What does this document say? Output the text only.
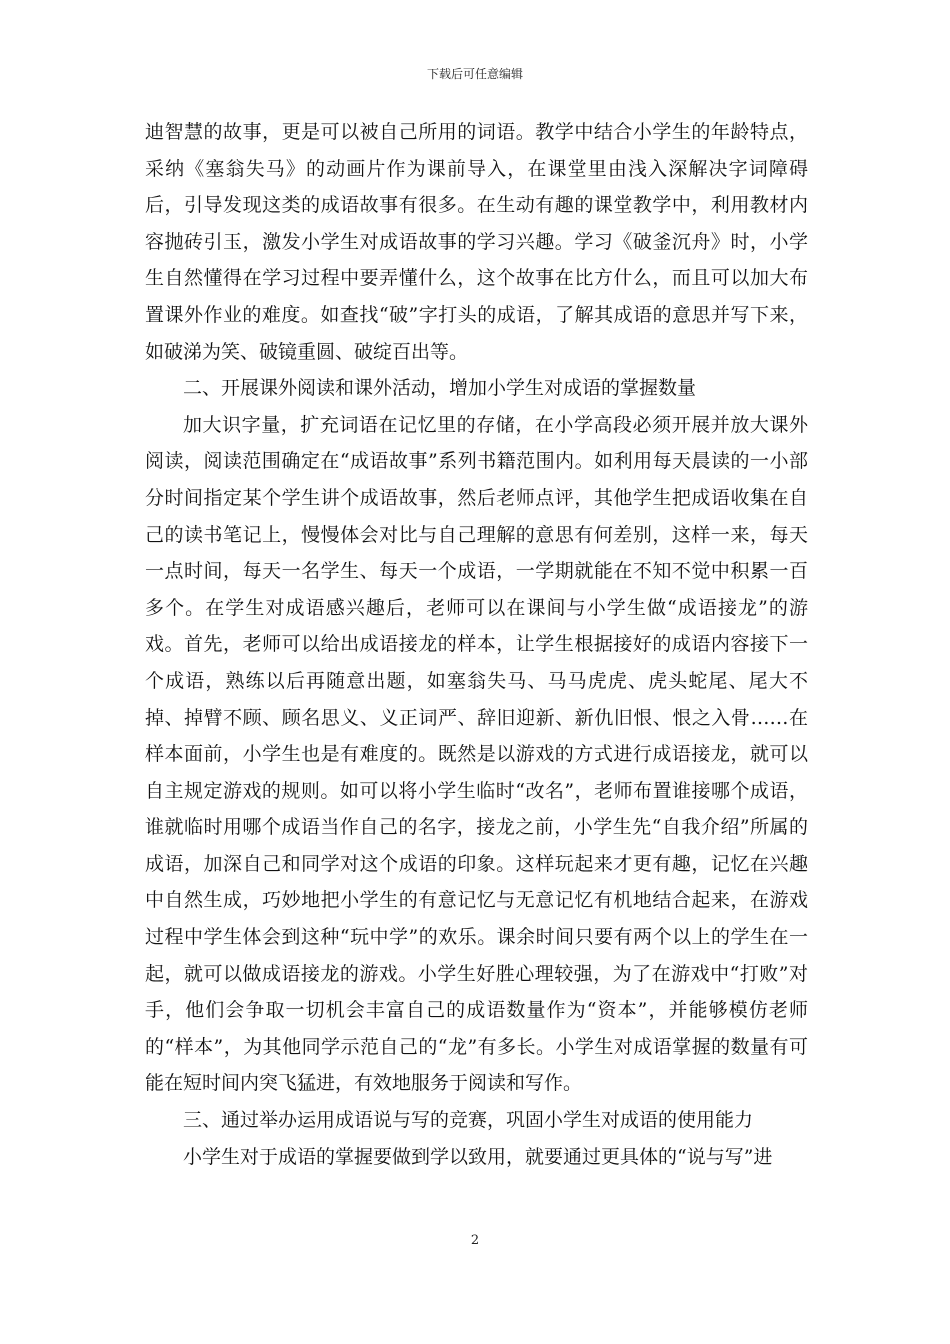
下载后可任意编辑

迪智慧的故事，更是可以被自己所用的词语。教学中结合小学生的年龄特点，采纳《塞翁失马》的动画片作为课前导入，在课堂里由浅入深解决字词障碍后，引导发现这类的成语故事有很多。在生动有趣的课堂教学中，利用教材内容抛砖引玉，激发小学生对成语故事的学习兴趣。学习《破釜沉舟》时，小学生自然懂得在学习过程中要弄懂什么，这个故事在比方什么，而且可以加大布置课外作业的难度。如查找“破”字打头的成语，了解其成语的意思并写下来，如破涕为笑、破镜重圆、破绽百出等。

二、开展课外阅读和课外活动，增加小学生对成语的掌握数量

加大识字量，扩充词语在记忆里的存储，在小学高段必须开展并放大课外阅读，阅读范围确定在“成语故事”系列书籍范围内。如利用每天晨读的一小部分时间指定某个学生讲个成语故事，然后老师点评，其他学生把成语收集在自己的读书笔记上，慢慢体会对比与自己理解的意思有何差别，这样一来，每天一点时间，每天一名学生、每天一个成语，一学期就能在不知不觉中积累一百多个。在学生对成语感兴趣后，老师可以在课间与小学生做“成语接龙”的游戏。首先，老师可以给出成语接龙的样本，让学生根据接好的成语内容接下一个成语，熟练以后再随意出题，如塞翁失马、马马虎虎、虎头蛇尾、尾大不掉、掉臂不顾、顾名思义、义正词严、辞旧迎新、新仇旧恨、恨之入骨……在样本面前，小学生也是有难度的。既然是以游戏的方式进行成语接龙，就可以自主规定游戏的规则。如可以将小学生临时“改名”，老师布置谁接哪个成语，谁就临时用哪个成语当作自己的名字，接龙之前，小学生先“自我介绍”所属的成语，加深自己和同学对这个成语的印象。这样玩起来才更有趣，记忆在兴趣中自然生成，巧妙地把小学生的有意记忆与无意记忆有机地结合起来，在游戏过程中学生体会到这种“玩中学”的欢乐。课余时间只要有两个以上的学生在一起，就可以做成语接龙的游戏。小学生好胜心理较强，为了在游戏中“打败”对手，他们会争取一切机会丰富自己的成语数量作为“资本”，并能够模仿老师的“样本”，为其他同学示范自己的“龙”有多长。小学生对成语掌握的数量有可能在短时间内突飞猛进，有效地服务于阅读和写作。

三、通过举办运用成语说与写的竞赛，巩固小学生对成语的使用能力

小学生对于成语的掌握要做到学以致用，就要通过更具体的“说与写”进

2
